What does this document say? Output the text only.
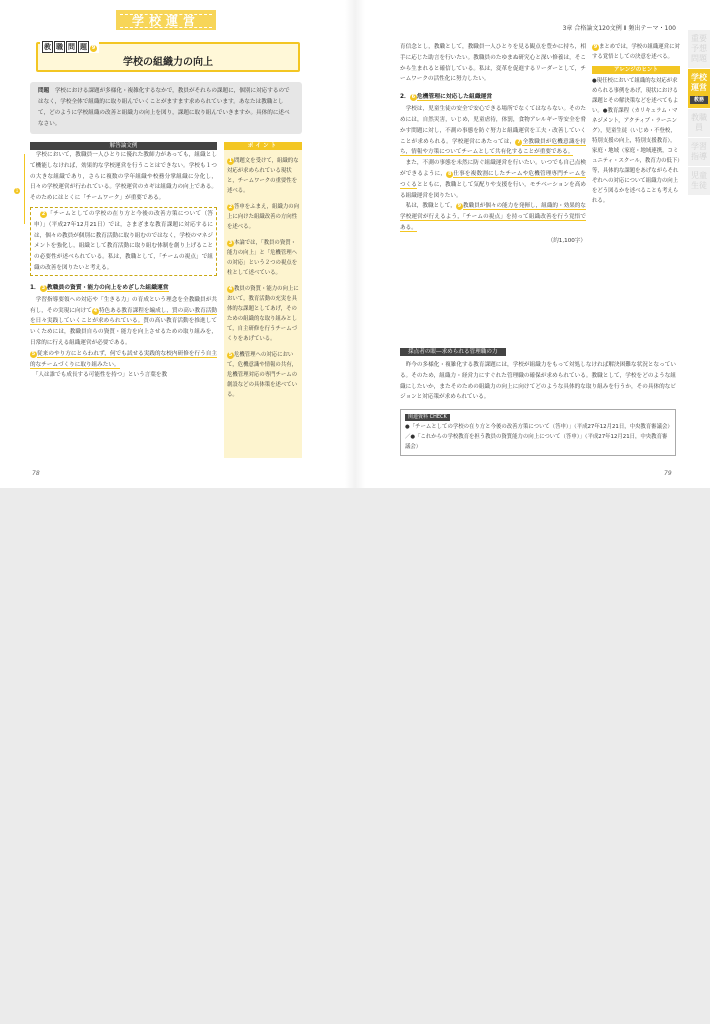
学校運営
教 職 問 題 9
学校の組織力の向上
問題　 学校における課題が多様化・複雑化するなかで，教員がそれらの課題に，個別に対応するのではなく，学校全体で組織的に取り組んでいくことがますます求められています。あなたは教職として，どのように学校組織の改善と組織力の向上を図り，課題に取り組んでいきますか。具体的に述べなさい。
1
解答論文例

　学校において，教職員一人ひとりに優れた教師力があっても，組織として機能しなければ，効果的な学校運営を行うことはできない。学校も１つの大きな組織であり，さらに複数の学年組織や校務分掌組織に分化し，日々の学校運営が行われている。学校運営のカギは組織力の向上である。そのためにはとくに「チームワーク」が重要である。

　2 「チームとしての学校の在り方と今後の改善方策について（答申）」（平成27年12月21日）では，さまざまな教育課題に対応するには，個々の教員が個別に教育活動に取り組むのではなく，学校のマネジメントを強化し，組織として教育活動に取り組む体制を創り上げることの必要性が述べられている。私は，教職として，「チームの視点」で組織の改善を図りたいと考える。

1． 3 教職員の資質・能力の向上をめざした組織運営

　学習指導要領への対応や「生きる力」の育成という理念を全教職員が共有し，その実現に向けて 4 特色ある教育課程を編成し，質の高い教育活動を日々実践していくことが求められている。質の高い教育活動を推進していくためには，教職員自らの資質・能力を向上させるための取り組みを，日常的に行える組織運営が必要である。

5 従来のやり方にとらわれず，何でも試せる実践的な校内研修を行う自主的なチームづくりに取り組みたい。

　「人は誰でも成長する可能性を持つ」という言葉を教

ポイント
1 問題文を受けて，組織的な対応が求められている現状と，チームワークの重要性を述べる。
2 答申をふまえ，組織力の向上に向けた組織改善の方向性を述べる。
3 本論では，「教員の資質・能力の向上」と「危機管理への対応」という２つの視点を柱として述べている。
4 教員の資質・能力の向上において，教育活動の充実を具体的な課題としてあげ，そのための組織的な取り組みとして，自主研修を行うチームづくりをあげている。
5 危機管理への対応において，危機意識や情報の共有，危機管理対応の専門チームの創設などの具体策を述べている。
78
3章 合格論文120文例 Ⅱ 頻出テーマ・100

育信念とし，教職として，教職員一人ひとりを見る観点を豊かに持ち，相手に応じた助言を行いたい。教職員のたゆまぬ研究心と深い修養は，そこから生まれると確信している。私は，変革を促進するリーダーとして，チームワークの活性化に努力したい。

2． 6 危機管理に対応した組織運営

　学校は，児童生徒の安全で安心できる場所でなくてはならない。そのためには，自然災害，いじめ，児童虐待，体罰，食物アレルギー等安全を脅かす問題に対し，不測の事態を防ぐ努力と組織運営を工夫・改善していくことが求められる。学校運営にあたっては， 7 全教職員が危機意識を持ち，情報や方策についてチームとして共有化することが重要である。

　また，不測の事態を未然に防ぐ組織運営を行いたい。いつでも自己点検ができるように， 8 仕事を複数割にしたチームや危機管理専門チームをつくるとともに，教職として気配りや支援を行い，モチベーションを高める組織運営を図りたい。

　私は，教職として， 9 教職員が個々の能力を発揮し，組織的・効果的な学校運営が行えるよう，「チームの視点」を持って組織改善を行う覚悟である。

（約1,100字）
9 まとめでは，学校の組織運営に対する覚悟としての決意を述べる。
アレンジのヒント
●現任校において組織的な対応が求められる事例をあげ，現状における課題とその解決策などを述べてもよい。●教育課程（カリキュラム・マネジメント，アクティブ・ラーニング），児童生徒（いじめ・不登校，特別支援の向上，特別支援教育），家庭・地域（家庭・地域連携，コミュニティ・スクール，教育力の低下）等，具体的な課題をあげながらそれぞれへの対応について組織力の向上をどう図るかを述べることも考えられる。
採点者の眼―求められる管理職の力

　昨今の多様化・複雑化する教育課題には，学校が組織力をもって対処しなければ解決困難な状況となっている。そのため，組織力・経営力にすぐれた管理職の確保が求められている。教職として，学校をどのような組織にしたいか，またそのための組織力の向上に向けてどのような具体的な取り組みを行うか，その具体的なビジョンと対応策が求められている。

関連資料 CHECK
●「チームとしての学校の在り方と今後の改善方策について（答申）」（平成27年12月21日，中央教育審議会）／●「これからの学校教育を担う教員の資質能力の向上について（答申）」（平成27年12月21日，中央教育審議会）
79
重要予想問題
学校運営
教務
教職員
学習指導
児童生徒
